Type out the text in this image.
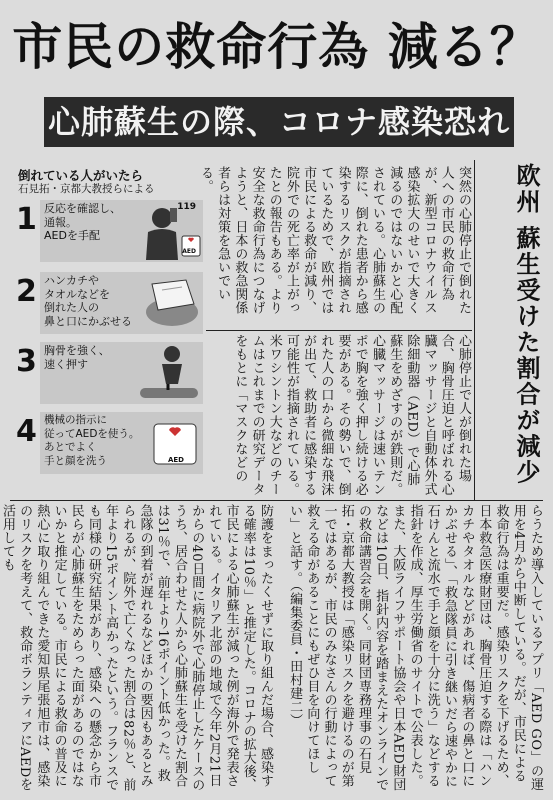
市民の救命行為 減る？
心肺蘇生の際、コロナ感染恐れ
欧州 蘇生受けた割合が減少
倒れている人がいたら
石見拓・京都大教授らによる
1 反応を確認し、
通報。
AEDを手配
119
AED
2 ハンカチや
タオルなどを
倒れた人の
鼻と口にかぶせる
3 胸骨を強く、
速く押す
4 機械の指示に
従ってAEDを使う。
あとでよく
手と顔を洗う	AED
突然の心肺停止で倒れた人への市民の救命行為が、新型コロナウイルス感染拡大のせいで大きく減るのではないかと心配されている。心肺蘇生の際に、倒れた患者から感染するリスクが指摘されているためで、欧州では市民による救命が減り、院外での死亡率が上がったとの報告もある。より安全な救命行為につなげようと、日本の救急関係者らは対策を急いでいる。
心肺停止で人が倒れた場合、胸骨圧迫と呼ばれる心臓マッサージと自動体外式除細動器（AED）で心肺蘇生をめざすのが鉄則だ。心臓マッサージは速いテンポで胸を強く押し続ける必要がある。その勢いで、倒れた人の口から微細な飛沫が出て、救助者に感染する可能性が指摘されている。米ワシントン大などのチームはこれまでの研究データをもとに「マスクなどの
防護をまったくせずに取り組んだ場合、感染する確率は10％」と推定した。コロナの拡大後、市民による心肺蘇生が減った例が海外で発表されている。イタリア北部の地域で今年2月21日からの40日間に病院外で心肺停止したケースのうち、居合わせた人から心肺蘇生を受けた割合は31％で、前年より16ポイント低かった。救急隊の到着が遅れるなどほかの要因もあるとみられるが、院外で亡くなった割合は82％と、前年より15ポイント高かったという。フランスでも同様の研究結果があり、感染への懸念から市民らが心肺蘇生をためらった面があるのではないかと推定している。市民による救命の普及に熱心に取り組んできた愛知県尾張旭市は、感染のリスクを考えて、救命ボランティアにAEDを活用しても	らうため導入しているアプリ「AED GO」の運用を4月から中断している。だが、市民による救命行為は重要だ。感染リスクを下げるため、日本救急医療財団は、胸骨圧迫する際は「ハンカチやタオルなどがあれば、傷病者の鼻と口にかぶせる」、「救急隊員に引き継いだら速やかに石けんと流水で手と顔を十分に洗う」などする指針を作成、厚生労働省のサイトで公表した。また、大阪ライフサポート協会や日本AED財団などは10日、指針内容を踏まえたオンラインでの救命講習会を開く。同財団専務理事の石見拓・京都大教授は「感染リスクを避けるのが第一ではあるが、市民のみなさんの行動によって救える命があることにもぜひ目を向けてほしい」と話す。（編集委員・田村建二）
